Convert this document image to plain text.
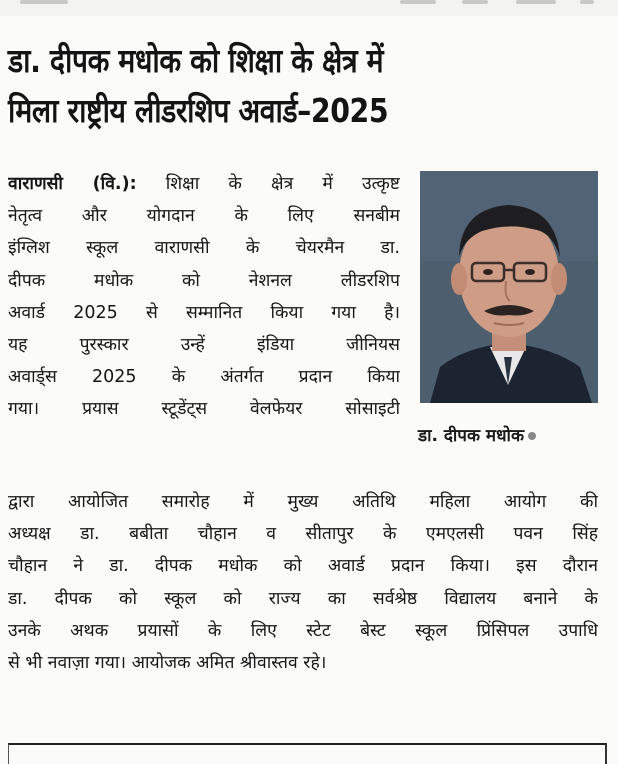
डा. दीपक मधोक को शिक्षा के क्षेत्र में
मिला राष्ट्रीय लीडरशिप अवार्ड–2025
डा. दीपक मधोक

वाराणसी (वि.): शिक्षा के क्षेत्र में उत्कृष्ट
नेतृत्व और योगदान के लिए सनबीम
इंग्लिश स्कूल वाराणसी के चेयरमैन डा.
दीपक मधोक को नेशनल लीडरशिप
अवार्ड 2025 से सम्मानित किया गया है।
यह पुरस्कार उन्हें इंडिया जीनियस
अवार्ड्स 2025 के अंतर्गत प्रदान किया
गया। प्रयास स्टूडेंट्स वेलफेयर सोसाइटी

द्वारा आयोजित समारोह में मुख्य अतिथि महिला आयोग की
अध्यक्ष डा. बबीता चौहान व सीतापुर के एमएलसी पवन सिंह
चौहान ने डा. दीपक मधोक को अवार्ड प्रदान किया। इस दौरान
डा. दीपक को स्कूल को राज्य का सर्वश्रेष्ठ विद्यालय बनाने के
उनके अथक प्रयासों के लिए स्टेट बेस्ट स्कूल प्रिंसिपल उपाधि
से भी नवाज़ा गया। आयोजक अमित श्रीवास्तव रहे।
